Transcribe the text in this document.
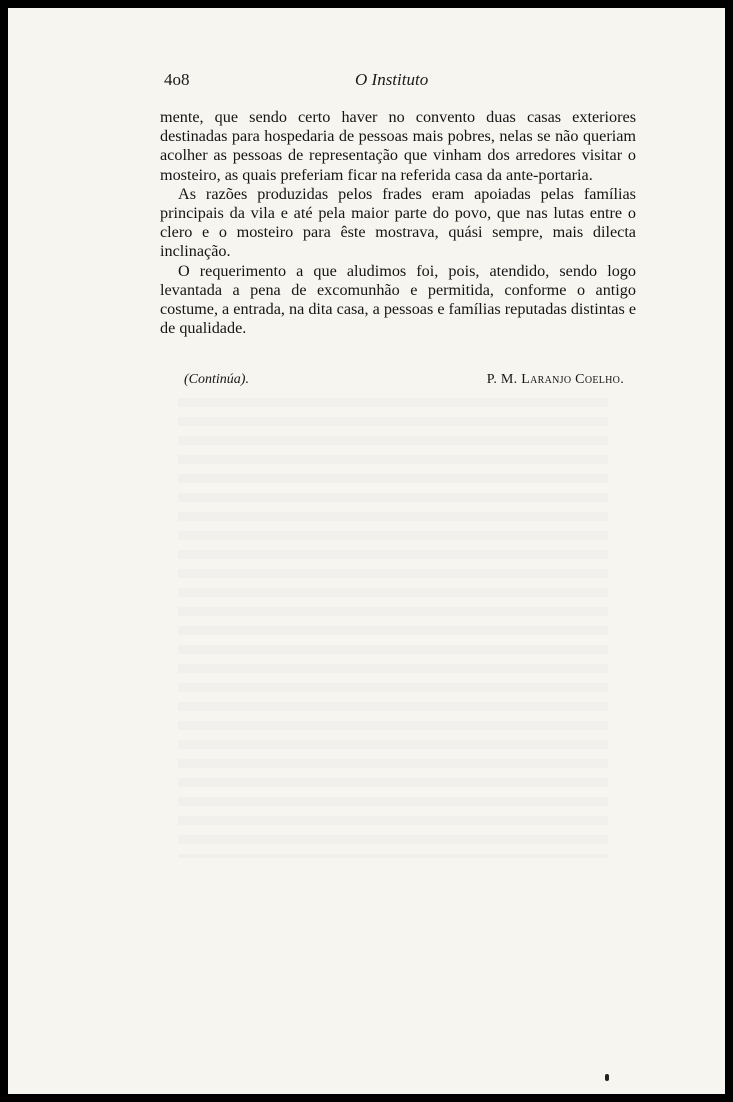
4o8	O Instituto

mente, que sendo certo haver no convento duas casas exteriores destinadas para hospedaria de pessoas mais pobres, nelas se não queriam acolher as pessoas de representação que vinham dos arredores visitar o mosteiro, as quais preferiam ficar na referida casa da ante-portaria.

As razões produzidas pelos frades eram apoiadas pelas famílias principais da vila e até pela maior parte do povo, que nas lutas entre o clero e o mosteiro para êste mostrava, quási sempre, mais dilecta inclinação.

O requerimento a que aludimos foi, pois, atendido, sendo logo levantada a pena de excomunhão e permitida, conforme o antigo costume, a entrada, na dita casa, a pessoas e famílias reputadas distintas e de qualidade.

(Continúa).	P. M. Laranjo Coelho.
